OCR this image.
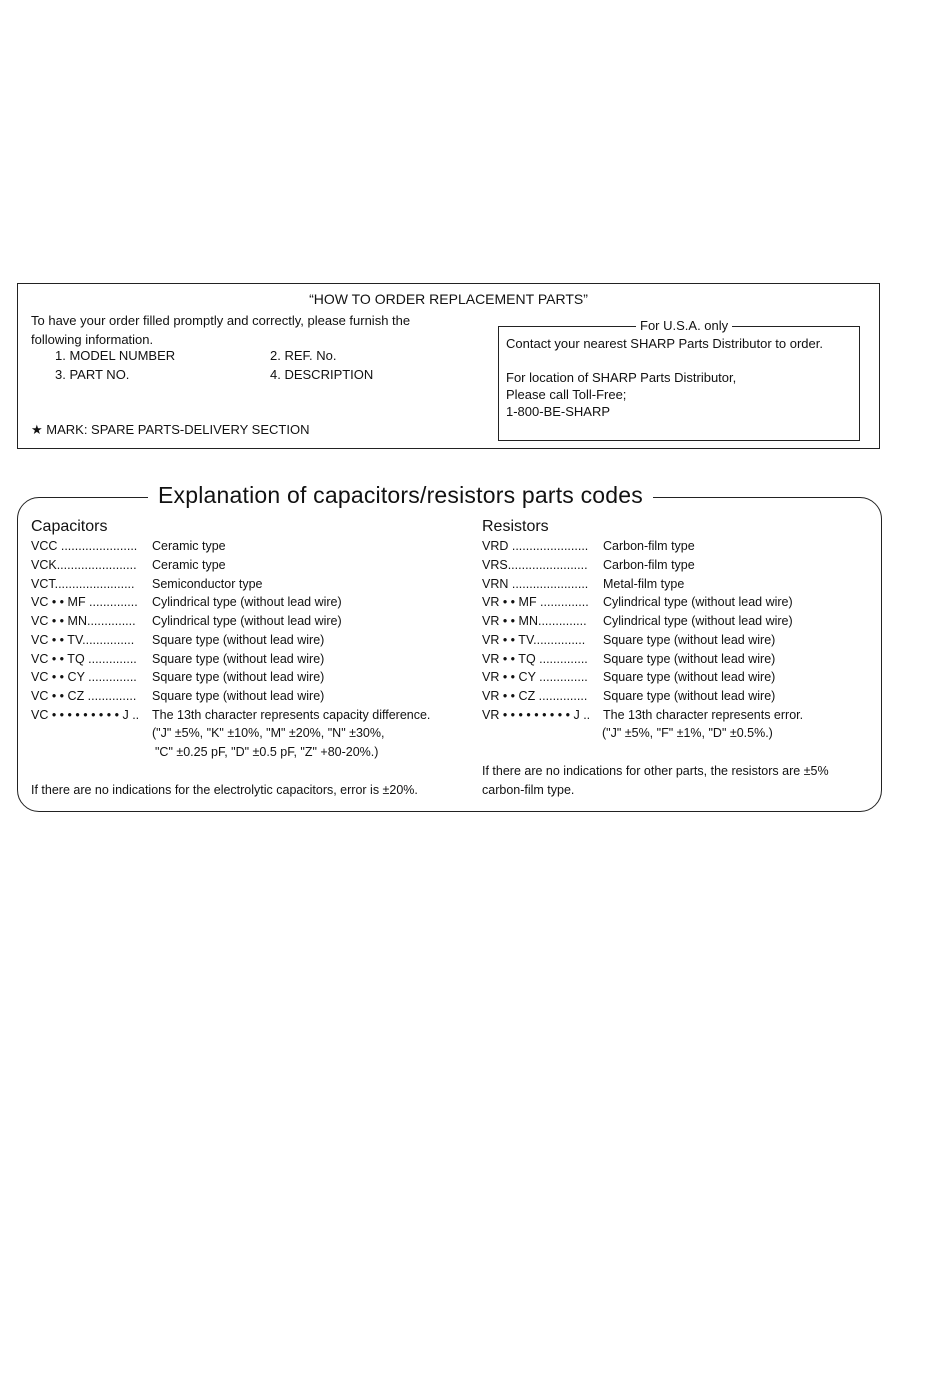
“HOW TO ORDER REPLACEMENT PARTS”
To have your order filled promptly and correctly, please furnish the following information.
1. MODEL NUMBER	2. REF. No.
3. PART NO.	4. DESCRIPTION
★ MARK: SPARE PARTS-DELIVERY SECTION
For U.S.A. only
Contact your nearest SHARP Parts Distributor to order.
For location of SHARP Parts Distributor,
Please call Toll-Free;
1-800-BE-SHARP
Explanation of capacitors/resistors parts codes
Capacitors
VCC ...................... Ceramic type
VCK....................... Ceramic type
VCT....................... Semiconductor type
VC • • MF .............. Cylindrical type (without lead wire)
VC • • MN.............. Cylindrical type (without lead wire)
VC • • TV............... Square type (without lead wire)
VC • • TQ .............. Square type (without lead wire)
VC • • CY .............. Square type (without lead wire)
VC • • CZ .............. Square type (without lead wire)
VC • • • • • • • • • J .. The 13th character represents capacity difference.
("J" ±5%, "K" ±10%, "M" ±20%, "N" ±30%,
"C" ±0.25 pF, "D" ±0.5 pF, "Z" +80-20%.)
If there are no indications for the electrolytic capacitors, error is ±20%.
Resistors
VRD ...................... Carbon-film type
VRS....................... Carbon-film type
VRN ...................... Metal-film type
VR • • MF .............. Cylindrical type (without lead wire)
VR • • MN.............. Cylindrical type (without lead wire)
VR • • TV............... Square type (without lead wire)
VR • • TQ .............. Square type (without lead wire)
VR • • CY .............. Square type (without lead wire)
VR • • CZ .............. Square type (without lead wire)
VR • • • • • • • • • J .. The 13th character represents error.
("J" ±5%, "F" ±1%, "D" ±0.5%.)
If there are no indications for other parts, the resistors are ±5% carbon-film type.
